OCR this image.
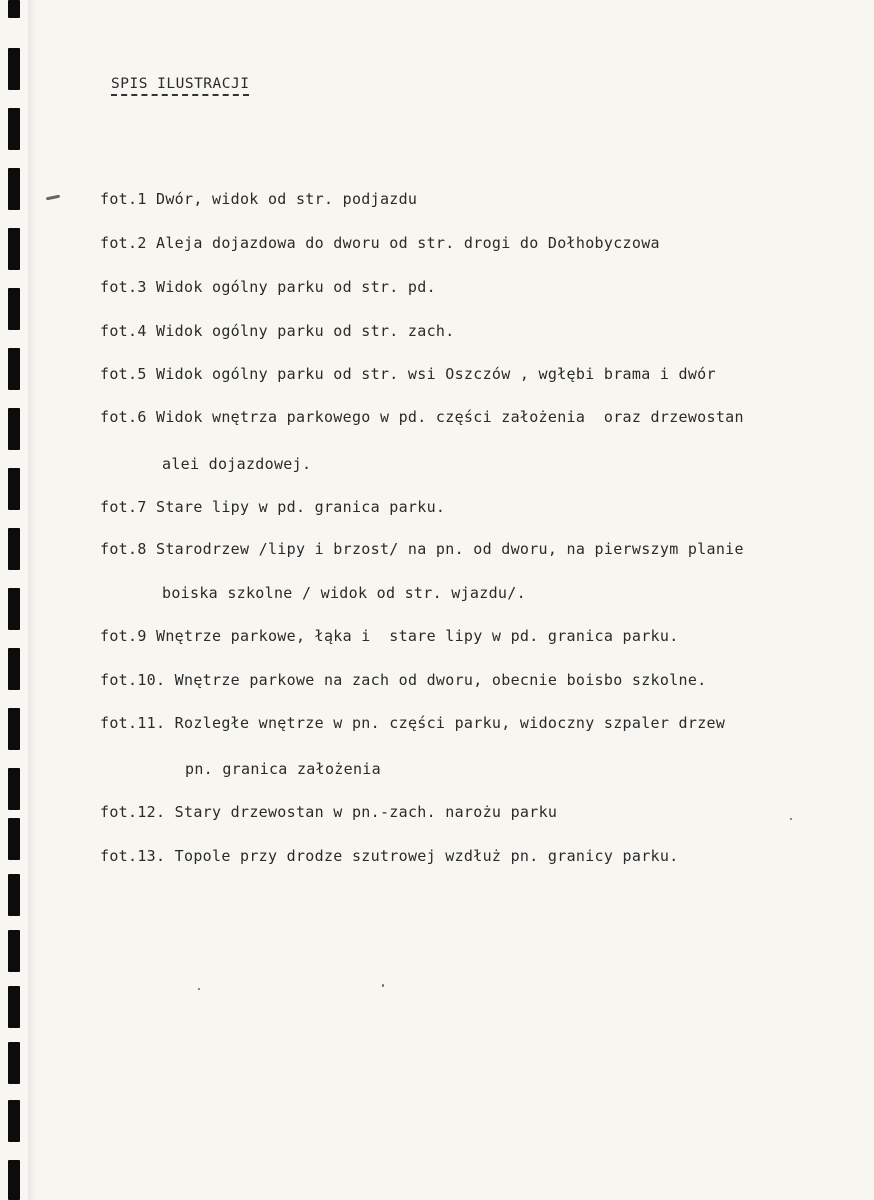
SPIS ILUSTRACJI
fot.1 Dwór, widok od str. podjazdu
fot.2 Aleja dojazdowa do dworu od str. drogi do Dołhobyczowa
fot.3 Widok ogólny parku od str. pd.
fot.4 Widok ogólny parku od str. zach.
fot.5 Widok ogólny parku od str. wsi Oszczów , wgłębi brama i dwór
fot.6 Widok wnętrza parkowego w pd. części założenia  oraz drzewostan
alei dojazdowej.
fot.7 Stare lipy w pd. granica parku.
fot.8 Starodrzew /lipy i brzost/ na pn. od dworu, na pierwszym planie
boiska szkolne / widok od str. wjazdu/.
fot.9 Wnętrze parkowe, łąka i  stare lipy w pd. granica parku.
fot.10. Wnętrze parkowe na zach od dworu, obecnie boisbo szkolne.
fot.11. Rozległe wnętrze w pn. części parku, widoczny szpaler drzew
pn. granica założenia
fot.12. Stary drzewostan w pn.-zach. narożu parku
fot.13. Topole przy drodze szutrowej wzdłuż pn. granicy parku.
